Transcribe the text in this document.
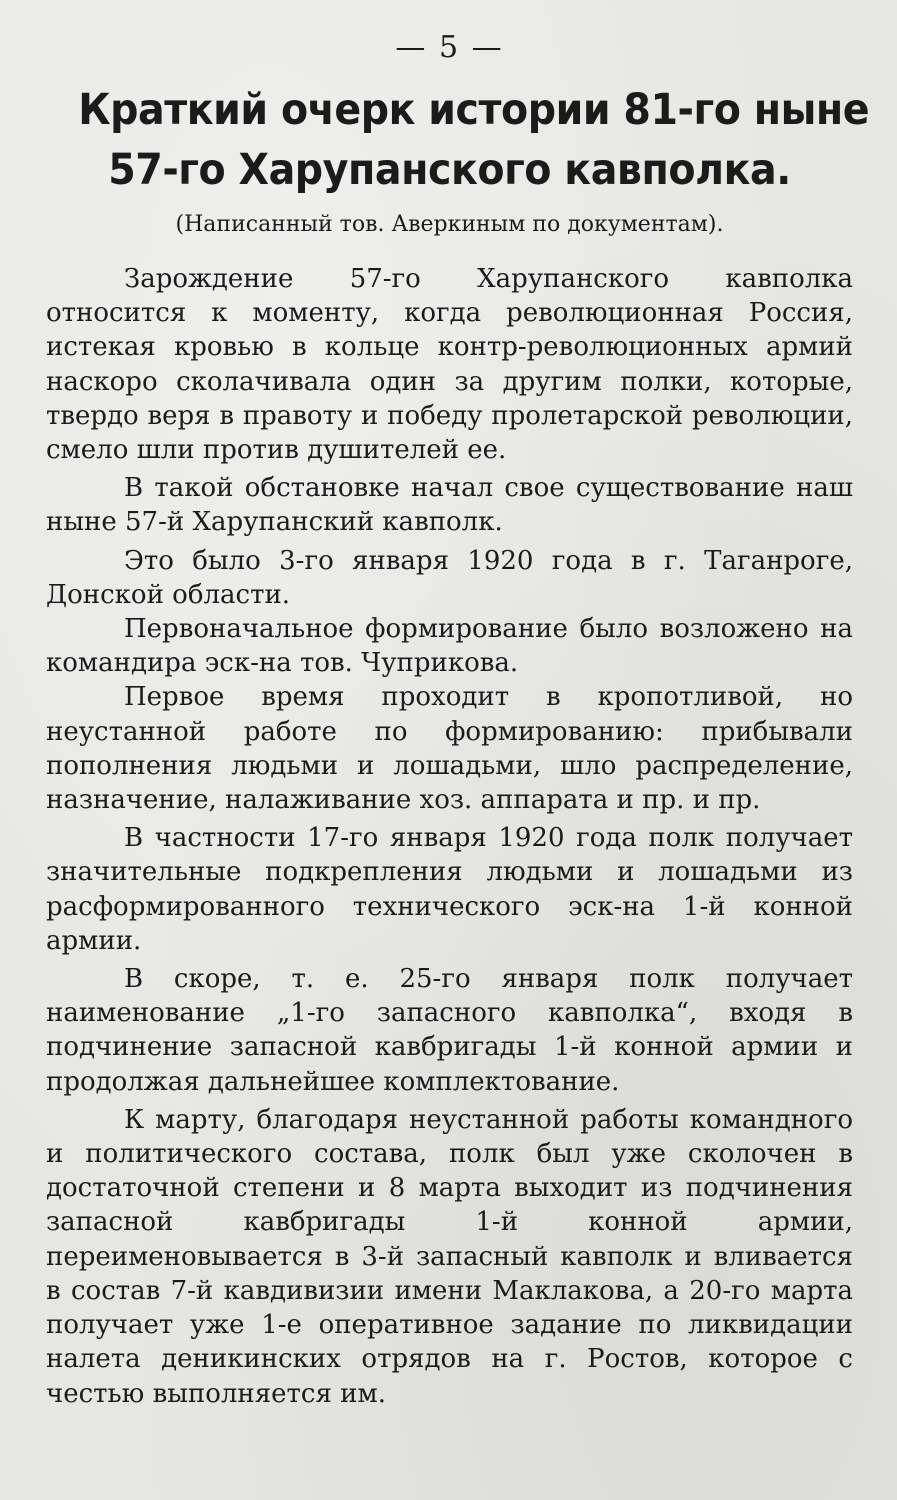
— 5 —
Краткий очерк истории 81-го ныне
57-го Харупанского кавполка.
(Написанный тов. Аверкиным по документам).

Зарождение 57-го Харупанского кавполка относится к моменту, когда революционная Россия, истекая кровью в кольце контр-революционных армий наскоро сколачивала один за другим полки, которые, твердо веря в правоту и победу пролетарской революции, смело шли против душителей ее.

В такой обстановке начал свое существование наш ныне 57-й Харупанский кавполк.

Это было 3-го января 1920 года в г. Таганроге, Донской области.

Первоначальное формирование было возложено на командира эск-на тов. Чуприкова.

Первое время проходит в кропотливой, но неустанной работе по формированию: прибывали пополнения людьми и лошадьми, шло распределение, назначение, налаживание хоз. аппарата и пр. и пр.

В частности 17-го января 1920 года полк получает значительные подкрепления людьми и лошадьми из расформированного технического эск-на 1-й конной армии.

В скоре, т. е. 25-го января полк получает наименование „1-го запасного кавполка“, входя в подчинение запасной кавбригады 1-й конной армии и продолжая дальнейшее комплектование.

К марту, благодаря неустанной работы командного и политического состава, полк был уже сколочен в достаточной степени и 8 марта выходит из подчинения запасной кавбригады 1-й конной армии, переименовывается в 3-й запасный кавполк и вливается в состав 7-й кавдивизии имени Маклакова, а 20-го марта получает уже 1-е оперативное задание по ликвидации налета деникинских отрядов на г. Ростов, которое с честью выполняется им.
